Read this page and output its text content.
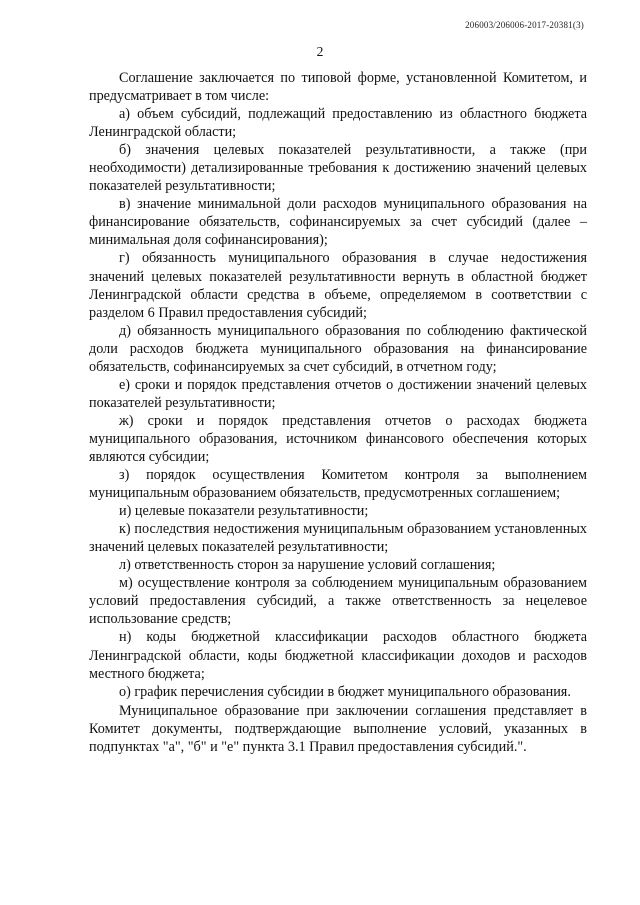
206003/206006-2017-20381(3)
2

Соглашение заключается по типовой форме, установленной Комитетом, и предусматривает в том числе:

а) объем субсидий, подлежащий предоставлению из областного бюджета Ленинградской области;

б) значения целевых показателей результативности, а также (при необходимости) детализированные требования к достижению значений целевых показателей результативности;

в) значение минимальной доли расходов муниципального образования на финансирование обязательств, софинансируемых за счет субсидий (далее – минимальная доля софинансирования);

г) обязанность муниципального образования в случае недостижения значений целевых показателей результативности вернуть в областной бюджет Ленинградской области средства в объеме, определяемом в соответствии с разделом 6 Правил предоставления субсидий;

д) обязанность муниципального образования по соблюдению фактической доли расходов бюджета муниципального образования на финансирование обязательств, софинансируемых за счет субсидий, в отчетном году;

е) сроки и порядок представления отчетов о достижении значений целевых показателей результативности;

ж) сроки и порядок представления отчетов о расходах бюджета муниципального образования, источником финансового обеспечения которых являются субсидии;

з) порядок осуществления Комитетом контроля за выполнением муниципальным образованием обязательств, предусмотренных соглашением;

и) целевые показатели результативности;

к) последствия недостижения муниципальным образованием установленных значений целевых показателей результативности;

л) ответственность сторон за нарушение условий соглашения;

м) осуществление контроля за соблюдением муниципальным образованием условий предоставления субсидий, а также ответственность за нецелевое использование средств;

н) коды бюджетной классификации расходов областного бюджета Ленинградской области, коды бюджетной классификации доходов и расходов местного бюджета;

о) график перечисления субсидии в бюджет муниципального образования.

Муниципальное образование при заключении соглашения представляет в Комитет документы, подтверждающие выполнение условий, указанных в подпунктах "а", "б" и "е" пункта 3.1 Правил предоставления субсидий.".
